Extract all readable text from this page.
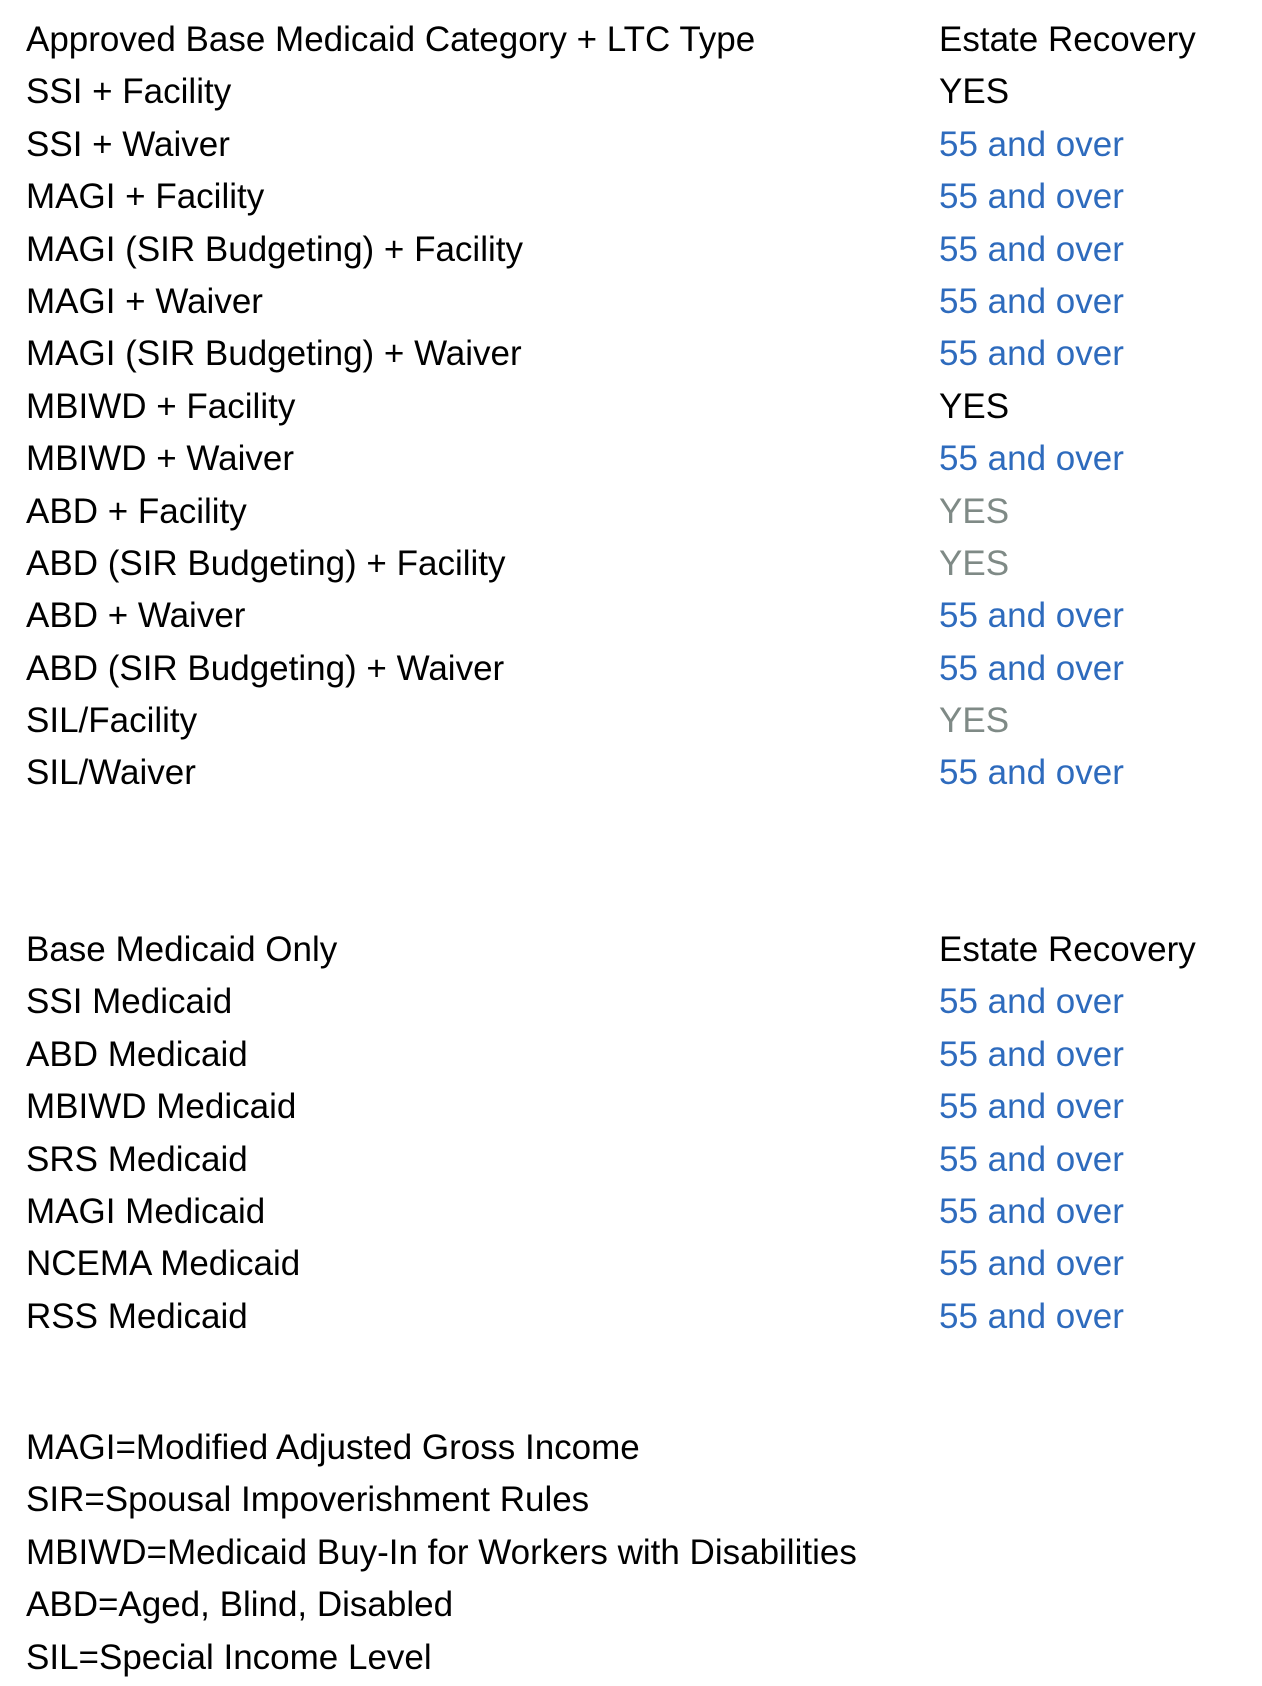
Approved Base Medicaid Category + LTC Type	Estate Recovery
SSI + Facility	YES
SSI + Waiver	55 and over
MAGI + Facility	55 and over
MAGI (SIR Budgeting) + Facility	55 and over
MAGI + Waiver	55 and over
MAGI (SIR Budgeting) + Waiver	55 and over
MBIWD + Facility	YES
MBIWD + Waiver	55 and over
ABD + Facility	YES
ABD (SIR Budgeting) + Facility	YES
ABD + Waiver	55 and over
ABD (SIR Budgeting) + Waiver	55 and over
SIL/Facility	YES
SIL/Waiver	55 and over
Base Medicaid Only	Estate Recovery
SSI Medicaid	55 and over
ABD Medicaid	55 and over
MBIWD Medicaid	55 and over
SRS Medicaid	55 and over
MAGI Medicaid	55 and over
NCEMA Medicaid	55 and over
RSS Medicaid	55 and over
MAGI=Modified Adjusted Gross Income
SIR=Spousal Impoverishment Rules
MBIWD=Medicaid Buy-In for Workers with Disabilities
ABD=Aged, Blind, Disabled
SIL=Special Income Level
